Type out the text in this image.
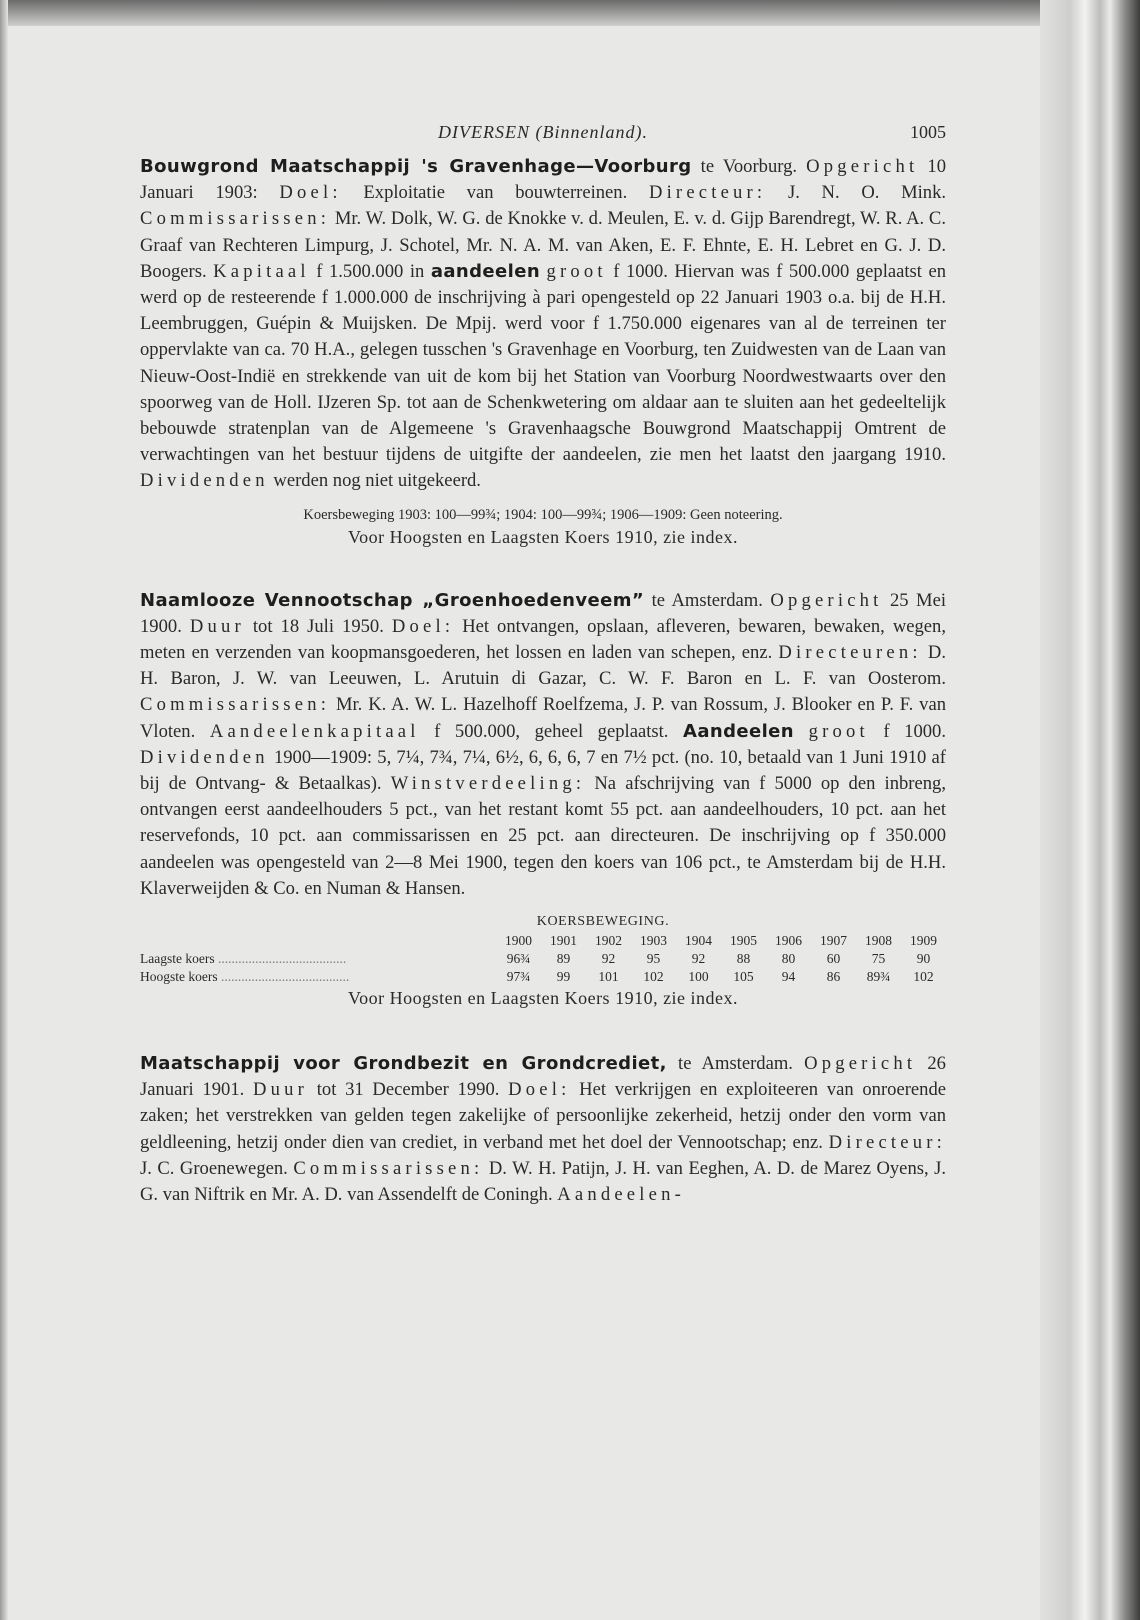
DIVERSEN (Binnenland).	1005

Bouwgrond Maatschappij 's Gravenhage—Voorburg te Voorburg. Opgericht 10 Januari 1903: Doel: Exploitatie van bouwterreinen. Directeur: J. N. O. Mink. Commissarissen: Mr. W. Dolk, W. G. de Knokke v. d. Meulen, E. v. d. Gijp Barendregt, W. R. A. C. Graaf van Rechteren Limpurg, J. Schotel, Mr. N. A. M. van Aken, E. F. Ehnte, E. H. Lebret en G. J. D. Boogers. Kapitaal f 1.500.000 in aandeelen groot f 1000. Hiervan was f 500.000 geplaatst en werd op de resteerende f 1.000.000 de inschrijving à pari opengesteld op 22 Januari 1903 o.a. bij de H.H. Leembruggen, Guépin & Muijsken. De Mpij. werd voor f 1.750.000 eigenares van al de terreinen ter oppervlakte van ca. 70 H.A., gelegen tusschen 's Gravenhage en Voorburg, ten Zuidwesten van de Laan van Nieuw-Oost-Indië en strekkende van uit de kom bij het Station van Voorburg Noordwestwaarts over den spoorweg van de Holl. IJzeren Sp. tot aan de Schenkwetering om aldaar aan te sluiten aan het gedeeltelijk bebouwde stratenplan van de Algemeene 's Gravenhaagsche Bouwgrond Maatschappij Omtrent de verwachtingen van het bestuur tijdens de uitgifte der aandeelen, zie men het laatst den jaargang 1910. Dividenden werden nog niet uitgekeerd.

Koersbeweging 1903: 100—99¾; 1904: 100—99¾; 1906—1909: Geen noteering.

Voor Hoogsten en Laagsten Koers 1910, zie index.

Naamlooze Vennootschap „Groenhoedenveem” te Amsterdam. Opgericht 25 Mei 1900. Duur tot 18 Juli 1950. Doel: Het ontvangen, opslaan, afleveren, bewaren, bewaken, wegen, meten en verzenden van koopmansgoederen, het lossen en laden van schepen, enz. Directeuren: D. H. Baron, J. W. van Leeuwen, L. Arutuin di Gazar, C. W. F. Baron en L. F. van Oosterom. Commissarissen: Mr. K. A. W. L. Hazelhoff Roelfzema, J. P. van Rossum, J. Blooker en P. F. van Vloten. Aandeelenkapitaal f 500.000, geheel geplaatst. Aandeelen groot f 1000. Dividenden 1900—1909: 5, 7¼, 7¾, 7¼, 6½, 6, 6, 6, 7 en 7½ pct. (no. 10, betaald van 1 Juni 1910 af bij de Ontvang- & Betaalkas). Winstverdeeling: Na afschrijving van f 5000 op den inbreng, ontvangen eerst aandeelhouders 5 pct., van het restant komt 55 pct. aan aandeelhouders, 10 pct. aan het reservefonds, 10 pct. aan commissarissen en 25 pct. aan directeuren. De inschrijving op f 350.000 aandeelen was opengesteld van 2—8 Mei 1900, tegen den koers van 106 pct., te Amsterdam bij de H.H. Klaverweijden & Co. en Numan & Hansen.

KOERSBEWEGING.
	1900	1901	1902	1903	1904	1905	1906	1907	1908	1909
Laagste koers ......................................	96¾	89	92	95	92	88	80	60	75	90
Hoogste koers ......................................	97¾	99	101	102	100	105	94	86	89¾	102

Voor Hoogsten en Laagsten Koers 1910, zie index.

Maatschappij voor Grondbezit en Grondcrediet, te Amsterdam. Opgericht 26 Januari 1901. Duur tot 31 December 1990. Doel: Het verkrijgen en exploiteeren van onroerende zaken; het verstrekken van gelden tegen zakelijke of persoonlijke zekerheid, hetzij onder den vorm van geldleening, hetzij onder dien van crediet, in verband met het doel der Vennootschap; enz. Directeur: J. C. Groenewegen. Commissarissen: D. W. H. Patijn, J. H. van Eeghen, A. D. de Marez Oyens, J. G. van Niftrik en Mr. A. D. van Assendelft de Coningh. Aandeelen-
